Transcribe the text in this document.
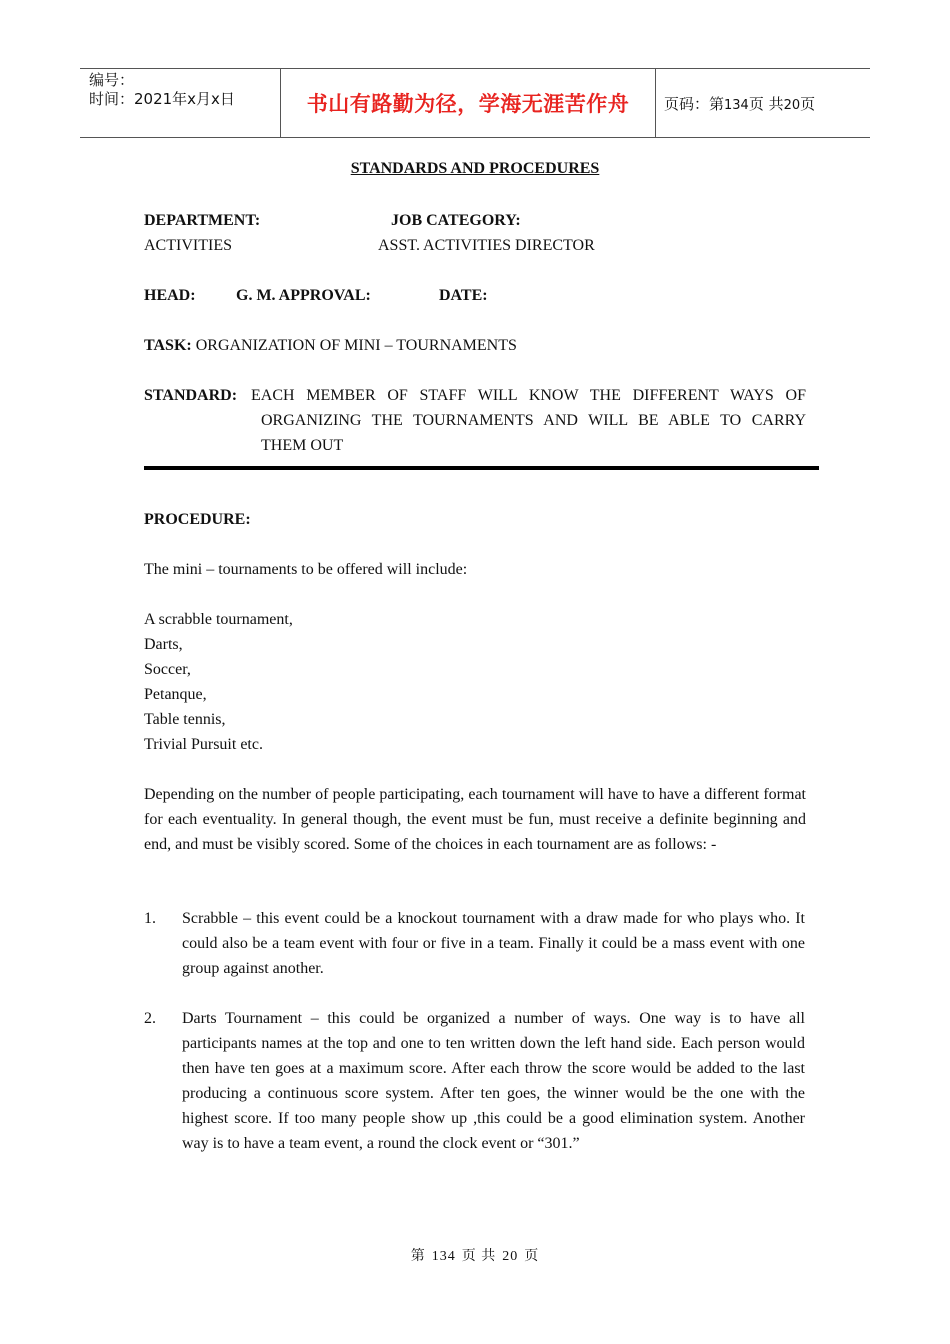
编号：
时间：2021年x月x日	书山有路勤为径，学海无涯苦作舟 页码：第134页 共20页
STANDARDS AND PROCEDURES
DEPARTMENT:
ACTIVITIES
JOB CATEGORY:
ASST. ACTIVITIES DIRECTOR
HEAD:	G. M. APPROVAL:	DATE:
TASK: ORGANIZATION OF MINI – TOURNAMENTS
STANDARD: EACH MEMBER OF STAFF WILL KNOW THE DIFFERENT WAYS OF
ORGANIZING THE TOURNAMENTS AND WILL BE ABLE TO CARRY
THEM OUT
PROCEDURE:
The mini – tournaments to be offered will include:
A scrabble tournament,
Darts,
Soccer,
Petanque,
Table tennis,
Trivial Pursuit etc.
Depending on the number of people participating, each tournament will have to have a different format for each eventuality. In general though, the event must be fun, must receive a definite beginning and end, and must be visibly scored. Some of the choices in each tournament are as follows: -
1. Scrabble – this event could be a knockout tournament with a draw made for who plays who. It could also be a team event with four or five in a team. Finally it could be a mass event with one group against another.
2. Darts Tournament – this could be organized a number of ways. One way is to have all participants names at the top and one to ten written down the left hand side. Each person would then have ten goes at a maximum score. After each throw the score would be added to the last producing a continuous score system. After ten goes, the winner would be the one with the highest score. If too many people show up ,this could be a good elimination system. Another way is to have a team event, a round the clock event or “301.”
第 134 页 共 20 页
